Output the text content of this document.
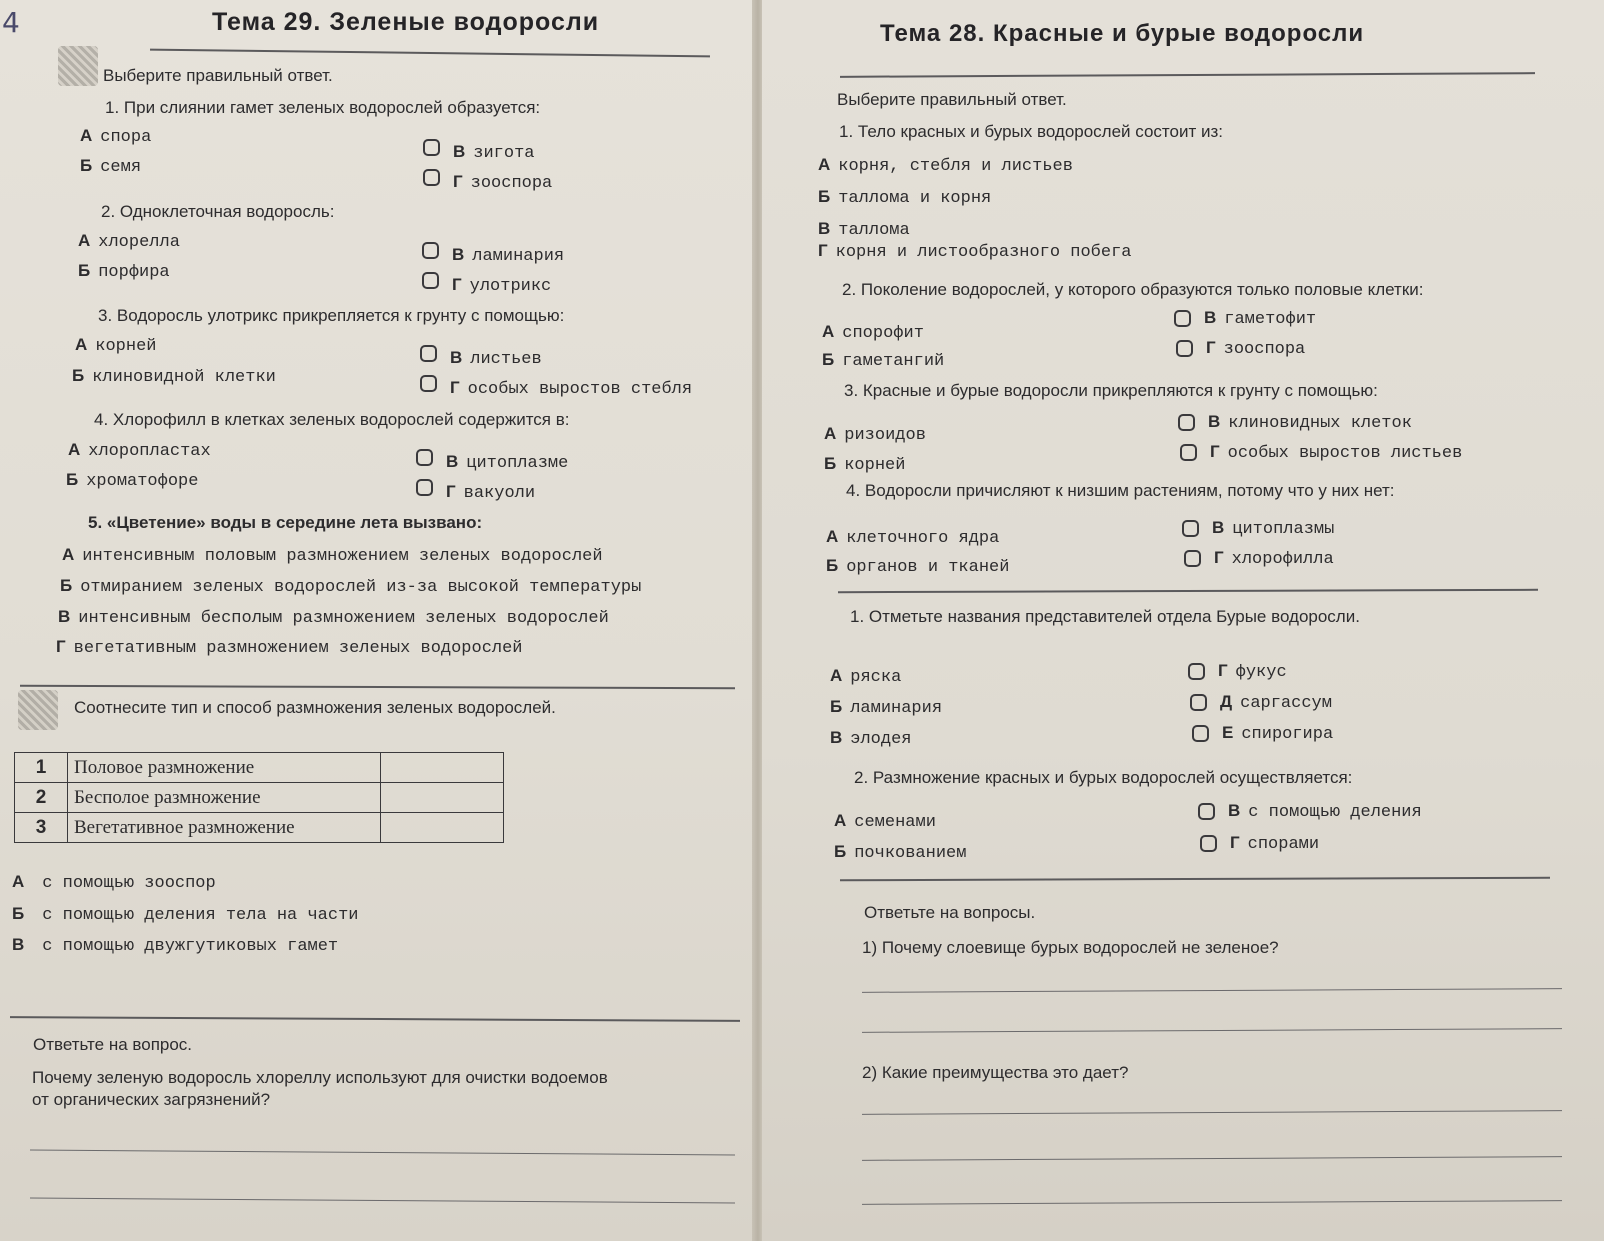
4	Тема 29. Зеленые водоросли
Выберите правильный ответ.
1. При слиянии гамет зеленых водорослей образуется:
А спора
Б семя
В зигота
Г зооспора
2. Одноклеточная водоросль:
А хлорелла
Б порфира
В ламинария
Г улотрикс
3. Водоросль улотрикс прикрепляется к грунту с помощью:
А корней
Б клиновидной клетки
В листьев
Г особых выростов стебля
4. Хлорофилл в клетках зеленых водорослей содержится в:
А хлоропластах
Б хроматофоре
В цитоплазме
Г вакуоли
5. «Цветение» воды в середине лета вызвано:
А интенсивным половым размножением зеленых водорослей
Б отмиранием зеленых водорослей из-за высокой температуры
В интенсивным бесполым размножением зеленых водорослей
Г вегетативным размножением зеленых водорослей
Соотнесите тип и способ размножения зеленых водорослей.
1	Половое размножение	
2	Бесполое размножение	
3	Вегетативное размножение	
А с помощью зооспор
Б с помощью деления тела на части
В с помощью двужгутиковых гамет
Ответьте на вопрос.
Почему зеленую водоросль хлореллу используют для очистки водоемов
от органических загрязнений?
Тема 28. Красные и бурые водоросли
Выберите правильный ответ.
1. Тело красных и бурых водорослей состоит из:
А корня, стебля и листьев
Б таллома и корня
В таллома
Г корня и листообразного побега
2. Поколение водорослей, у которого образуются только половые клетки:
А спорофит
Б гаметангий
В гаметофит
Г зооспора
3. Красные и бурые водоросли прикрепляются к грунту с помощью:
А ризоидов
Б корней
В клиновидных клеток
Г особых выростов листьев
4. Водоросли причисляют к низшим растениям, потому что у них нет:
А клеточного ядра
Б органов и тканей
В цитоплазмы
Г хлорофилла
1. Отметьте названия представителей отдела Бурые водоросли.
А ряска
Б ламинария
В элодея
Г фукус
Д саргассум
Е спирогира
2. Размножение красных и бурых водорослей осуществляется:
А семенами
Б почкованием
В с помощью деления
Г спорами
Ответьте на вопросы.
1) Почему слоевище бурых водорослей не зеленое?
2) Какие преимущества это дает?
